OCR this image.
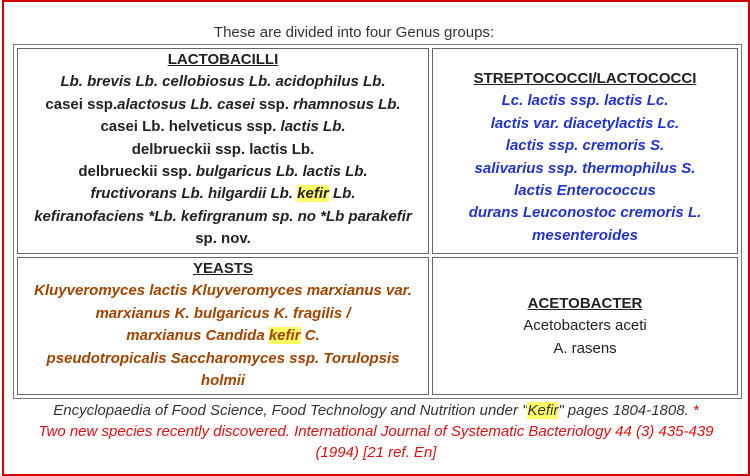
These are divided into four Genus groups:
LACTOBACILLI
Lb. brevis Lb. cellobiosus Lb. acidophilus Lb.
casei ssp.alactosus Lb. casei ssp. rhamnosus Lb.
casei Lb. helveticus ssp. lactis Lb.
delbrueckii ssp. lactis Lb.
delbrueckii ssp. bulgaricus Lb. lactis Lb.
fructivorans Lb. hilgardii Lb. kefir Lb.
kefiranofaciens *Lb. kefirgranum sp. no *Lb parakefir
sp. nov.
STREPTOCOCCI/LACTOCOCCI
Lc. lactis ssp. lactis Lc.
lactis var. diacetylactis Lc.
lactis ssp. cremoris S.
salivarius ssp. thermophilus S.
lactis Enterococcus
durans Leuconostoc cremoris L.
mesenteroides
YEASTS
Kluyveromyces lactis Kluyveromyces marxianus var.
marxianus K. bulgaricus K. fragilis /
marxianus Candida kefir C.
pseudotropicalis Saccharomyces ssp. Torulopsis
holmii
ACETOBACTER
Acetobacters aceti
A. rasens
Encyclopaedia of Food Science, Food Technology and Nutrition under "Kefir" pages 1804-1808. *
Two new species recently discovered. International Journal of Systematic Bacteriology 44 (3) 435-439
(1994) [21 ref. En]
